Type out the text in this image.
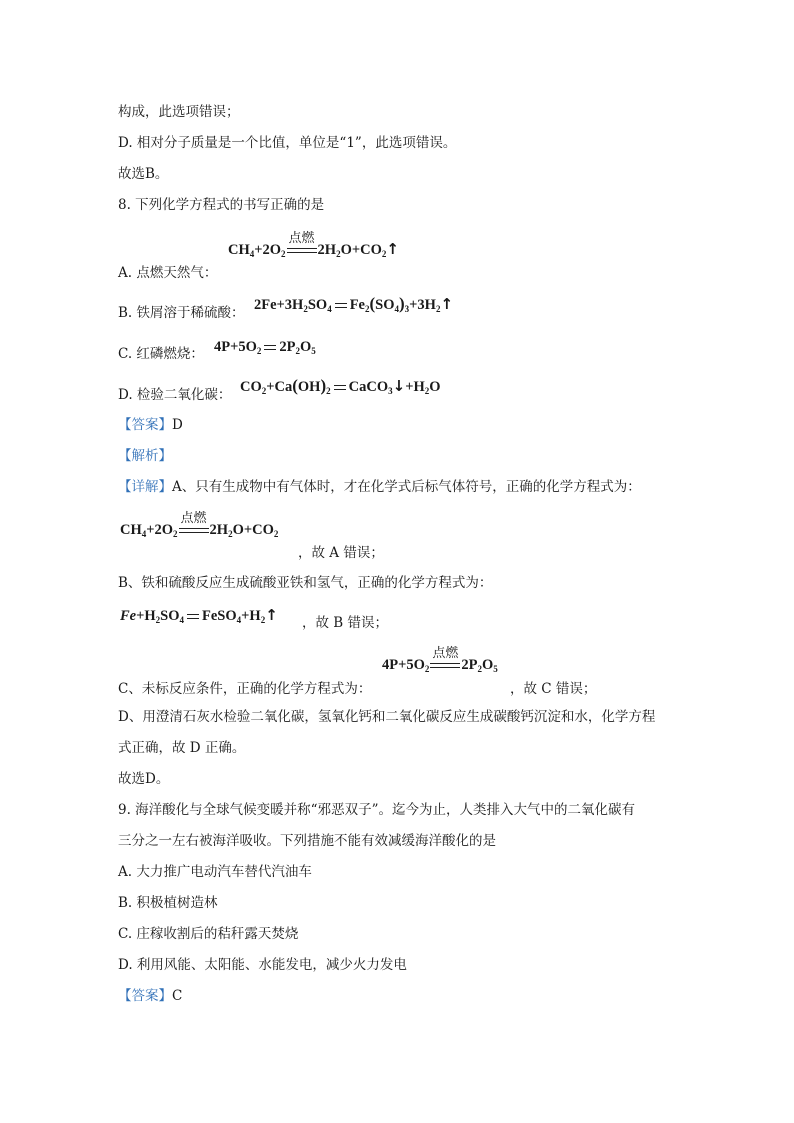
构成，此选项错误；
D. 相对分子质量是一个比值，单位是“1”，此选项错误。
故选B。
8. 下列化学方程式的书写正确的是
$CH_4+2O_2$
点燃
$2H_2O+CO_2↑$
A. 点燃天然气：
B. 铁屑溶于稀硫酸： $2Fe+3H_2SO_4$ $Fe_2(SO_4)_3+3H_2↑$
C. 红磷燃烧： $4P+5O_2$ $2P_2O_5$
D. 检验二氧化碳： $CO_2+Ca(OH)_2$ $CaCO_3↓+H_2O$
【答案】D
【解析】
【详解】A、只有生成物中有气体时，才在化学式后标气体符号，正确的化学方程式为：
$CH_4+2O_2$
点燃
$2H_2O+CO_2$
，故 A 错误；
B、铁和硫酸反应生成硫酸亚铁和氢气，正确的化学方程式为：
$Fe+H_2SO_4$ $FeSO_4+H_2↑$ ，故 B 错误；
$4P+5O_2$
点燃
$2P_2O_5$
C、未标反应条件，正确的化学方程式为：	，故 C 错误；
D、用澄清石灰水检验二氧化碳，氢氧化钙和二氧化碳反应生成碳酸钙沉淀和水，化学方程
式正确，故 D 正确。
故选D。
9. 海洋酸化与全球气候变暖并称“邪恶双子”。迄今为止，人类排入大气中的二氧化碳有
三分之一左右被海洋吸收。下列措施不能有效减缓海洋酸化的是
A. 大力推广电动汽车替代汽油车
B. 积极植树造林
C. 庄稼收割后的秸秆露天焚烧
D. 利用风能、太阳能、水能发电，减少火力发电
【答案】C
